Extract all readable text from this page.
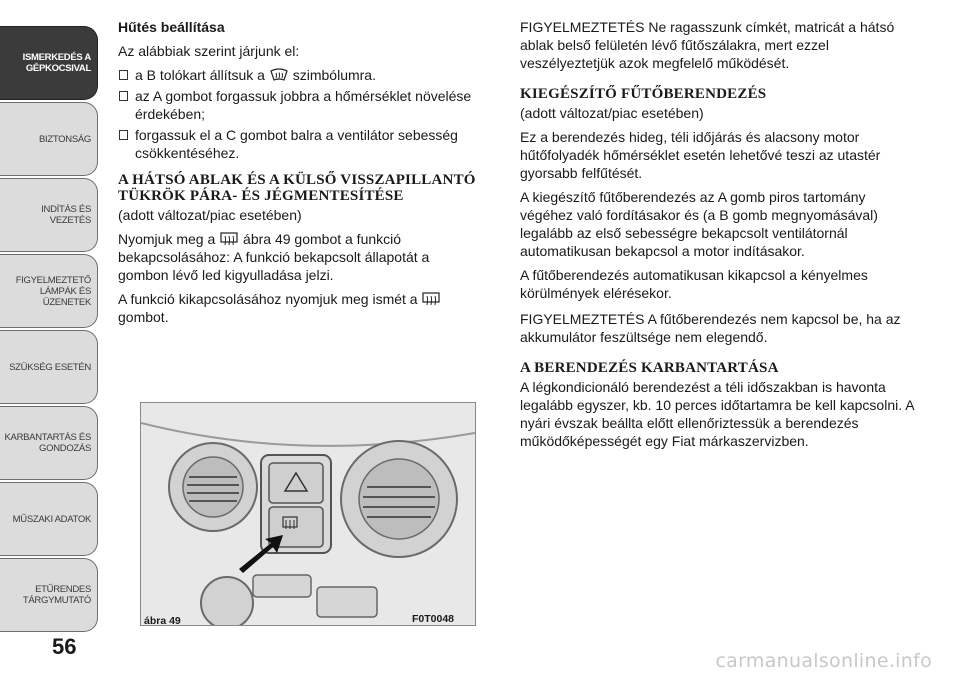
ISMERKEDÉS A
GÉPKOCSIVAL
BIZTONSÁG
INDÍTÁS ÉS VEZETÉS
FIGYELMEZTETŐ
LÁMPÁK ÉS
ÜZENETEK
SZÜKSÉG ESETÉN
KARBANTARTÁS ÉS
GONDOZÁS
MŰSZAKI ADATOK
ETŰRENDES
TÁRGYMUTATÓ
56

Hűtés beállítása

Az alábbiak szerint járjunk el:

a B tolókart állítsuk a szimbólumra.
az A gombot forgassuk jobbra a hőmérséklet növelése érdekében;
forgassuk el a C gombot balra a ventilátor sebesség csökkentéséhez.

A HÁTSÓ ABLAK ÉS A KÜLSŐ VISSZAPILLANTÓ TÜKRÖK PÁRA- ÉS JÉGMENTESÍTÉSE

(adott változat/piac esetében)

Nyomjuk meg a ábra 49 gombot a funkció bekapcsolásához: A funkció bekapcsolt állapotát a gombon lévő led kigyulladása jelzi.

A funkció kikapcsolásához nyomjuk meg ismét a  gombot.

ábra 49	F0T0048

FIGYELMEZTETÉS Ne ragasszunk címkét, matricát a hátsó ablak belső felületén lévő fűtőszálakra, mert ezzel veszélyeztetjük azok megfelelő működését.

KIEGÉSZÍTŐ FŰTŐBERENDEZÉS

(adott változat/piac esetében)

Ez a berendezés hideg, téli időjárás és alacsony motor hűtőfolyadék hőmérséklet esetén lehetővé teszi az utastér gyorsabb felfűtését.

A kiegészítő fűtőberendezés az A gomb piros tartomány végéhez való fordításakor és (a B gomb megnyomásával) legalább az első sebességre bekapcsolt ventilátornál automatikusan bekapcsol a motor indításakor.

A fűtőberendezés automatikusan kikapcsol a kényelmes körülmények elérésekor.

FIGYELMEZTETÉS A fűtőberendezés nem kapcsol be, ha az akkumulátor feszültsége nem elegendő.

A BERENDEZÉS KARBANTARTÁSA

A légkondicionáló berendezést a téli időszakban is havonta legalább egyszer, kb. 10 perces időtartamra be kell kapcsolni. A nyári évszak beállta előtt ellenőriztessük a berendezés működőképességét egy Fiat márkaszervizben.

carmanualsonline.info
